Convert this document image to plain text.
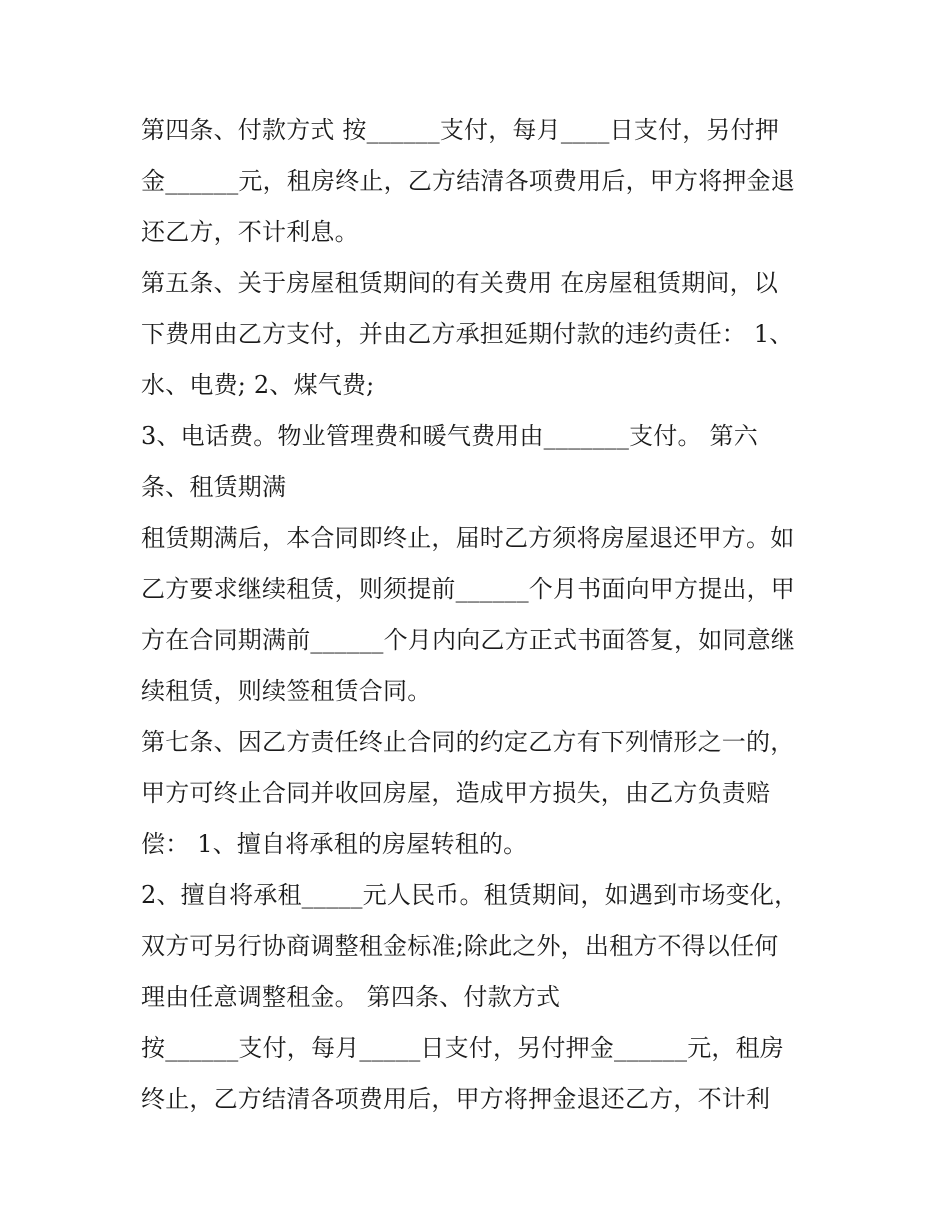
第四条、付款方式 按______支付，每月____日支付，另付押
金______元，租房终止，乙方结清各项费用后，甲方将押金退
还乙方，不计利息。
第五条、关于房屋租赁期间的有关费用 在房屋租赁期间，以
下费用由乙方支付，并由乙方承担延期付款的违约责任： 1、
水、电费; 2、煤气费;
3、电话费。物业管理费和暖气费用由_______支付。 第六
条、租赁期满
租赁期满后，本合同即终止，届时乙方须将房屋退还甲方。如
乙方要求继续租赁，则须提前______个月书面向甲方提出，甲
方在合同期满前______个月内向乙方正式书面答复，如同意继
续租赁，则续签租赁合同。
第七条、因乙方责任终止合同的约定乙方有下列情形之一的，
甲方可终止合同并收回房屋，造成甲方损失，由乙方负责赔
偿： 1、擅自将承租的房屋转租的。
2、擅自将承租_____元人民币。租赁期间，如遇到市场变化，
双方可另行协商调整租金标准;除此之外，出租方不得以任何
理由任意调整租金。 第四条、付款方式
按______支付，每月_____日支付，另付押金______元，租房
终止，乙方结清各项费用后，甲方将押金退还乙方，不计利
